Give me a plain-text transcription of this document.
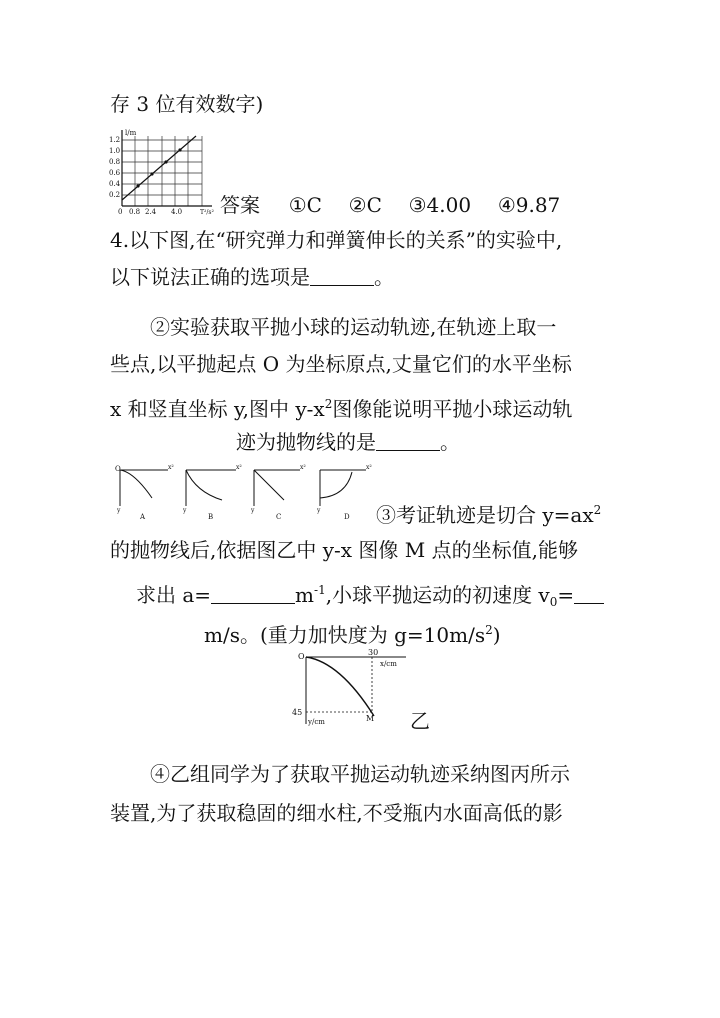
存 3 位有效数字)
l/m
1.2
1.0
0.8
0.6
0.4
0.2
0 0.8 2.4 4.0	T²/s² 答案 ①C ②C ③4.00 ④9.87
4.以下图,在“研究弹力和弹簧伸长的关系”的实验中,
以下说法正确的选项是	。
②实验获取平抛小球的运动轨迹,在轨迹上取一
些点,以平抛起点 O 为坐标原点,丈量它们的水平坐标
x 和竖直坐标 y,图中 $y-x^2$图像能说明平抛小球运动轨
迹为抛物线的是	。
O	x²
y
A
x²
y
B
x²
y
C
x²
y
D ③考证轨迹是切合 $y=ax^2$
的抛物线后,依据图乙中 y-x 图像 M 点的坐标值,能够
求出 a=	$m^{-1}$,小球平抛运动的初速度 $v_0=$
m/s。(重力加快度为 $g=10m/s^2$)
O	30
x/cm
45
M
y/cm	乙
④乙组同学为了获取平抛运动轨迹采纳图丙所示
装置,为了获取稳固的细水柱,不受瓶内水面高低的影
